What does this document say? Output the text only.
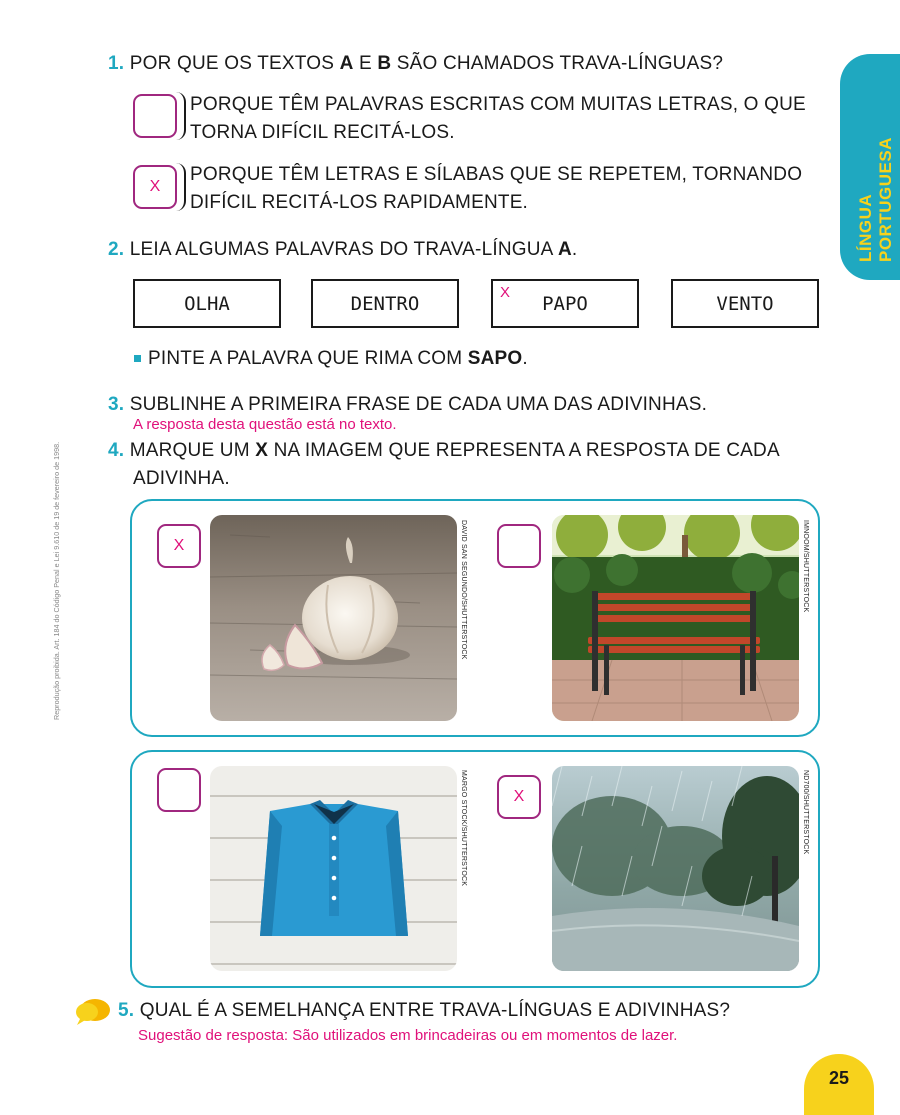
LÍNGUA PORTUGUESA
Reprodução proibida. Art. 184 do Código Penal e Lei 9.610 de 19 de fevereiro de 1998.
1. POR QUE OS TEXTOS A E B SÃO CHAMADOS TRAVA-LÍNGUAS?
PORQUE TÊM PALAVRAS ESCRITAS COM MUITAS LETRAS, O QUE
TORNA DIFÍCIL RECITÁ-LOS.
X
PORQUE TÊM LETRAS E SÍLABAS QUE SE REPETEM, TORNANDO
DIFÍCIL RECITÁ-LOS RAPIDAMENTE.
2. LEIA ALGUMAS PALAVRAS DO TRAVA-LÍNGUA A.
OLHA	DENTRO	X PAPO	VENTO
PINTE A PALAVRA QUE RIMA COM SAPO.
3. SUBLINHE A PRIMEIRA FRASE DE CADA UMA DAS ADIVINHAS.
A resposta desta questão está no texto.
4. MARQUE UM X NA IMAGEM QUE REPRESENTA A RESPOSTA DE CADA
ADIVINHA.
X	DAVID SAN SEGUNDO/SHUTTERSTOCK	IMNOOM/SHUTTERSTOCK
MARGO STOCK/SHUTTERSTOCK	X	ND700/SHUTTERSTOCK
5. QUAL É A SEMELHANÇA ENTRE TRAVA-LÍNGUAS E ADIVINHAS?
Sugestão de resposta: São utilizados em brincadeiras ou em momentos de lazer.
25
